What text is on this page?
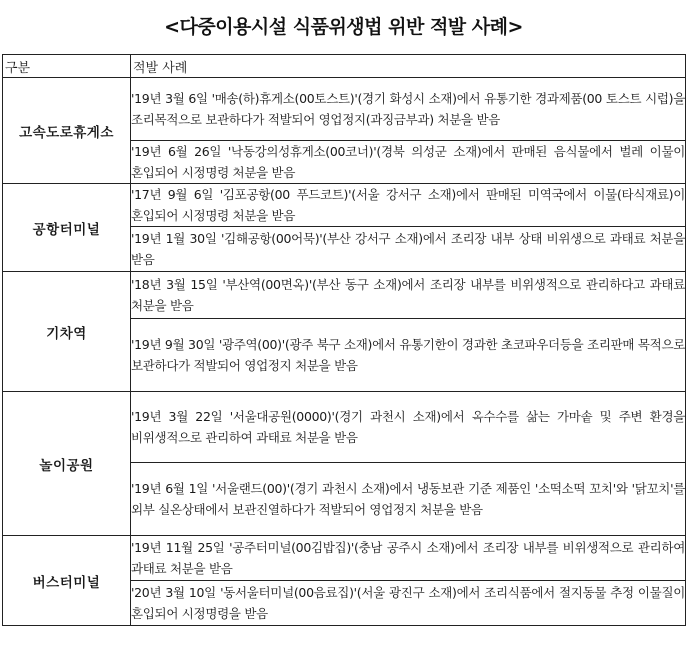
<다중이용시설 식품위생법 위반 적발 사례>
구분	적발 사례
고속도로휴게소	'19년 3월 6일 '매송(하)휴게소(00토스트)'(경기 화성시 소재)에서 유통기한 경과제품(00 토스트 시럽)을 조리목적으로 보관하다가 적발되어 영업정지(과징금부과) 처분을 받음
	'19년 6월 26일 '낙동강의성휴게소(00코너)'(경북 의성군 소재)에서 판매된 음식물에서 벌레 이물이 혼입되어 시정명령 처분을 받음
공항터미널	'17년 9월 6일 '김포공항(00 푸드코트)'(서울 강서구 소재)에서 판매된 미역국에서 이물(타식재료)이 혼입되어 시정명령 처분을 받음
	'19년 1월 30일 '김해공항(00어묵)'(부산 강서구 소재)에서 조리장 내부 상태 비위생으로 과태료 처분을 받음
기차역	'18년 3월 15일 '부산역(00면옥)'(부산 동구 소재)에서 조리장 내부를 비위생적으로 관리하다고 과태료 처분을 받음
	'19년 9월 30일 '광주역(00)'(광주 북구 소재)에서 유통기한이 경과한 초코파우더등을 조리판매 목적으로 보관하다가 적발되어 영업정지 처분을 받음
놀이공원	'19년 3월 22일 '서울대공원(0000)'(경기 과천시 소재)에서 옥수수를 삶는 가마솥 및 주변 환경을 비위생적으로 관리하여 과태료 처분을 받음
	'19년 6월 1일 '서울랜드(00)'(경기 과천시 소재)에서 냉동보관 기준 제품인 '소떡소떡 꼬치'와 '닭꼬치'를 외부 실온상태에서 보관진열하다가 적발되어 영업정지 처분을 받음
버스터미널	'19년 11월 25일 '공주터미널(00김밥집)'(충남 공주시 소재)에서 조리장 내부를 비위생적으로 관리하여 과태료 처분을 받음
	'20년 3월 10일 '동서울터미널(00음료집)'(서울 광진구 소재)에서 조리식품에서 절지동물 추정 이물질이 혼입되어 시정명령을 받음
